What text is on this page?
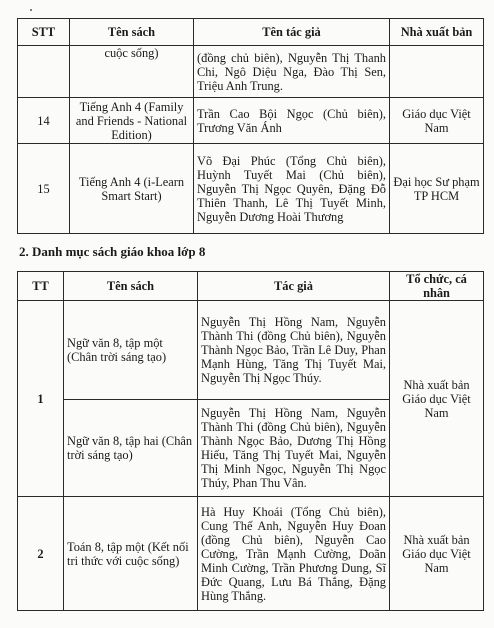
STT	Tên sách	Tên tác giả	Nhà xuất bản
	cuộc sống)	(đồng chủ biên), Nguyễn Thị Thanh Chi, Ngô Diệu Nga, Đào Thị Sen, Triệu Anh Trung.	
14	Tiếng Anh 4 (Family and Friends - National Edition)	Trần Cao Bội Ngọc (Chủ biên), Trương Văn Ánh	Giáo dục Việt Nam
15	Tiếng Anh 4 (i-Learn Smart Start)	Võ Đại Phúc (Tổng Chủ biên), Huỳnh Tuyết Mai (Chủ biên), Nguyễn Thị Ngọc Quyên, Đặng Đỗ Thiên Thanh, Lê Thị Tuyết Minh, Nguyễn Dương Hoài Thương	Đại học Sư phạm TP HCM
2. Danh mục sách giáo khoa lớp 8
TT	Tên sách	Tác giả	Tổ chức, cá nhân
1	Ngữ văn 8, tập một (Chân trời sáng tạo)	Nguyễn Thị Hồng Nam, Nguyễn Thành Thi (đồng Chủ biên), Nguyễn Thành Ngọc Bảo, Trần Lê Duy, Phan Mạnh Hùng, Tăng Thị Tuyết Mai, Nguyễn Thị Ngọc Thúy.	Nhà xuất bản Giáo dục Việt Nam
	Ngữ văn 8, tập hai (Chân trời sáng tạo)	Nguyễn Thị Hồng Nam, Nguyễn Thành Thi (đồng Chủ biên), Nguyễn Thành Ngọc Bảo, Dương Thị Hồng Hiếu, Tăng Thị Tuyết Mai, Nguyễn Thị Minh Ngọc, Nguyễn Thị Ngọc Thúy, Phan Thu Vân.	
2	Toán 8, tập một (Kết nối tri thức với cuộc sống)	Hà Huy Khoái (Tổng Chủ biên), Cung Thế Anh, Nguyễn Huy Đoan (đồng Chủ biên), Nguyễn Cao Cường, Trần Mạnh Cường, Doãn Minh Cường, Trần Phương Dung, Sĩ Đức Quang, Lưu Bá Thắng, Đặng Hùng Thắng.	Nhà xuất bản Giáo dục Việt Nam
